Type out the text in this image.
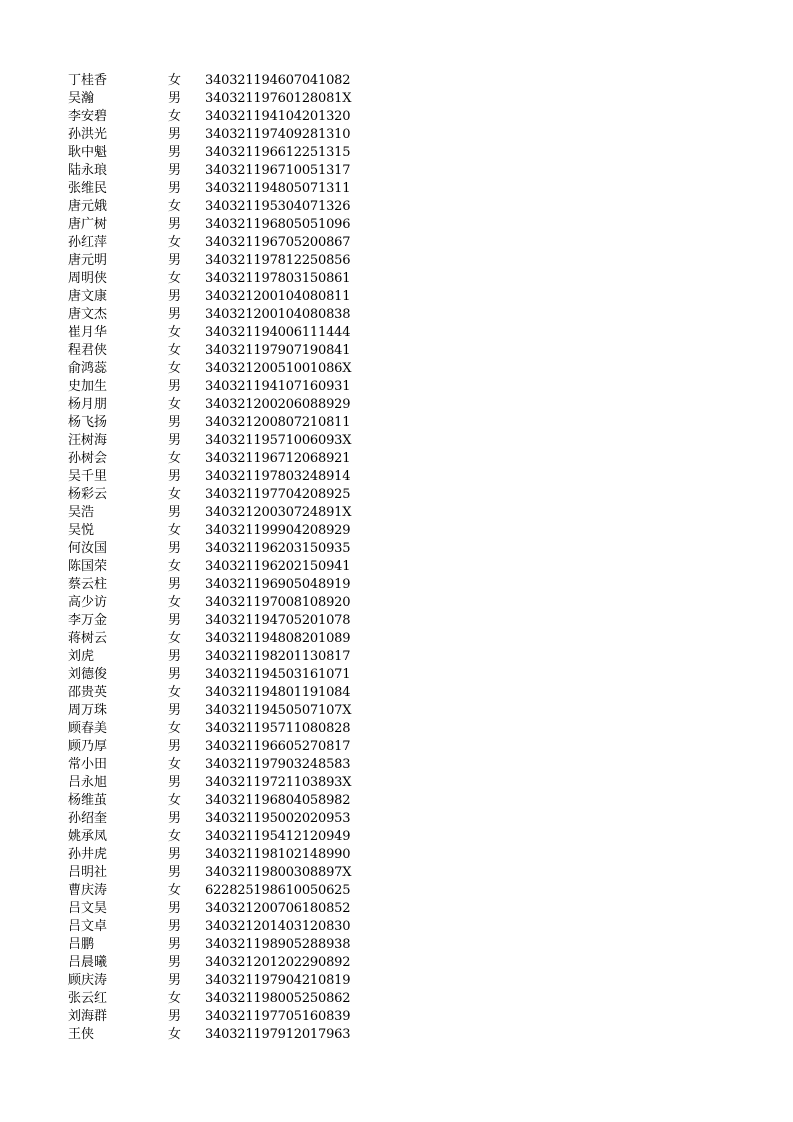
丁桂香	女 340321194607041082
吴瀚	男 34032119760128081X
李安碧	女 340321194104201320
孙洪光	男 340321197409281310
耿中魁	男 340321196612251315
陆永琅	男 340321196710051317
张维民	男 340321194805071311
唐元娥	女 340321195304071326
唐广树	男 340321196805051096
孙红萍	女 340321196705200867
唐元明	男 340321197812250856
周明侠	女 340321197803150861
唐文康	男 340321200104080811
唐文杰	男 340321200104080838
崔月华	女 340321194006111444
程君侠	女 340321197907190841
俞鸿蕊	女 34032120051001086X
史加生	男 340321194107160931
杨月朋	女 340321200206088929
杨飞扬	男 340321200807210811
汪树海	男 34032119571006093X
孙树会	女 340321196712068921
吴千里	男 340321197803248914
杨彩云	女 340321197704208925
吴浩	男 34032120030724891X
吴悦	女 340321199904208929
何汝国	男 340321196203150935
陈国荣	女 340321196202150941
蔡云柱	男 340321196905048919
高少访	女 340321197008108920
李万金	男 340321194705201078
蒋树云	女 340321194808201089
刘虎	男 340321198201130817
刘德俊	男 340321194503161071
邵贵英	女 340321194801191084
周万珠	男 34032119450507107X
顾春美	女 340321195711080828
顾乃厚	男 340321196605270817
常小田	女 340321197903248583
吕永旭	男 34032119721103893X
杨维茧	女 340321196804058982
孙绍奎	男 340321195002020953
姚承凤	女 340321195412120949
孙井虎	男 340321198102148990
吕明社	男 34032119800308897X
曹庆涛	女 622825198610050625
吕文昊	男 340321200706180852
吕文卓	男 340321201403120830
吕鹏	男 340321198905288938
吕晨曦	男 340321201202290892
顾庆涛	男 340321197904210819
张云红	女 340321198005250862
刘海群	男 340321197705160839
王侠	女 340321197912017963
